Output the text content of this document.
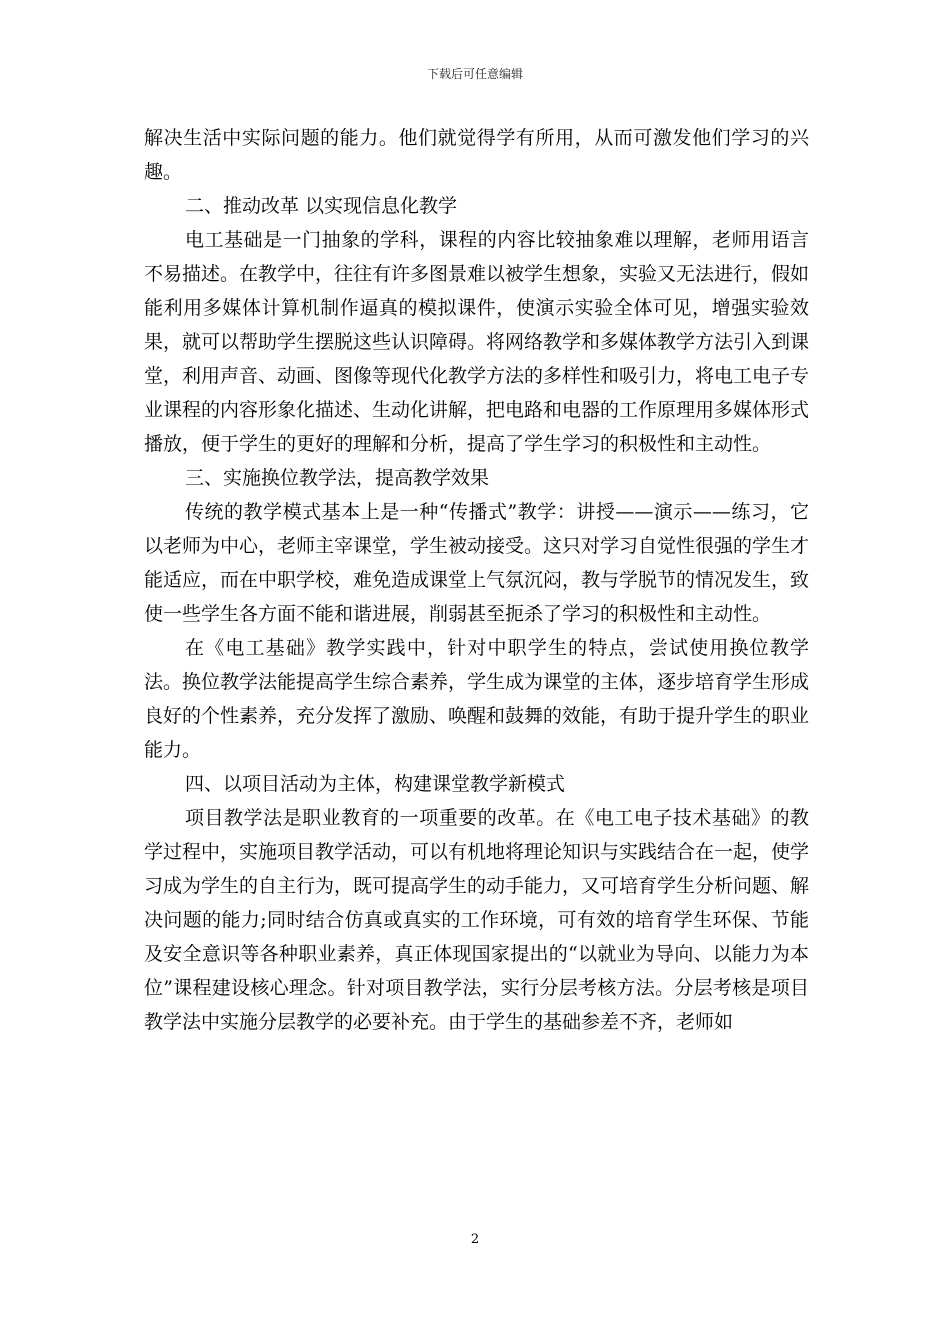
下载后可任意编辑

解决生活中实际问题的能力。他们就觉得学有所用，从而可激发他们学习的兴趣。

二、推动改革 以实现信息化教学

电工基础是一门抽象的学科，课程的内容比较抽象难以理解，老师用语言不易描述。在教学中，往往有许多图景难以被学生想象，实验又无法进行，假如能利用多媒体计算机制作逼真的模拟课件，使演示实验全体可见，增强实验效果，就可以帮助学生摆脱这些认识障碍。将网络教学和多媒体教学方法引入到课堂，利用声音、动画、图像等现代化教学方法的多样性和吸引力，将电工电子专业课程的内容形象化描述、生动化讲解，把电路和电器的工作原理用多媒体形式播放，便于学生的更好的理解和分析，提高了学生学习的积极性和主动性。

三、实施换位教学法，提高教学效果

传统的教学模式基本上是一种“传播式”教学：讲授——演示——练习，它以老师为中心，老师主宰课堂，学生被动接受。这只对学习自觉性很强的学生才能适应，而在中职学校，难免造成课堂上气氛沉闷，教与学脱节的情况发生，致使一些学生各方面不能和谐进展，削弱甚至扼杀了学习的积极性和主动性。

在《电工基础》教学实践中，针对中职学生的特点，尝试使用换位教学法。换位教学法能提高学生综合素养，学生成为课堂的主体，逐步培育学生形成良好的个性素养，充分发挥了激励、唤醒和鼓舞的效能，有助于提升学生的职业能力。

四、以项目活动为主体，构建课堂教学新模式

项目教学法是职业教育的一项重要的改革。在《电工电子技术基础》的教学过程中，实施项目教学活动，可以有机地将理论知识与实践结合在一起，使学习成为学生的自主行为，既可提高学生的动手能力，又可培育学生分析问题、解决问题的能力;同时结合仿真或真实的工作环境，可有效的培育学生环保、节能及安全意识等各种职业素养，真正体现国家提出的“以就业为导向、以能力为本位”课程建设核心理念。针对项目教学法，实行分层考核方法。分层考核是项目教学法中实施分层教学的必要补充。由于学生的基础参差不齐，老师如

2
